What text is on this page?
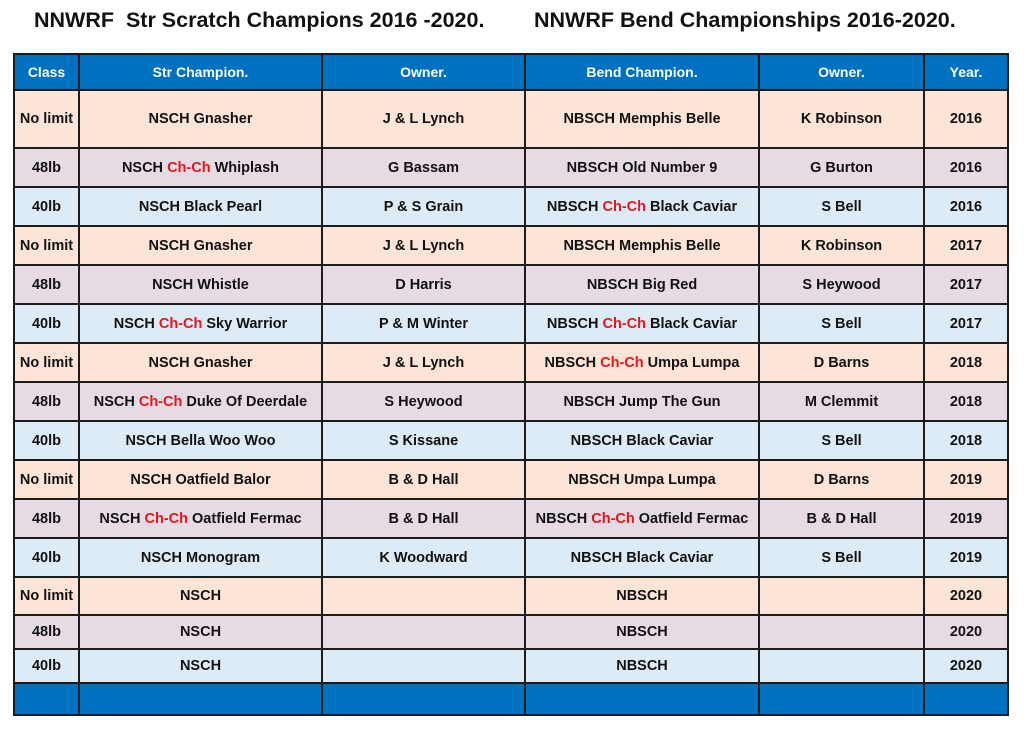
NNWRF  Str Scratch Champions 2016 -2020. NNWRF Bend Championships 2016-2020.
Class	Str Champion.	Owner.	Bend Champion.	Owner.	Year.
No limit	NSCH Gnasher	J & L Lynch	NBSCH Memphis Belle	K Robinson	2016
48lb	NSCH Ch-Ch Whiplash	G Bassam	NBSCH Old Number 9	G Burton	2016
40lb	NSCH Black Pearl	P & S Grain	NBSCH Ch-Ch Black Caviar	S Bell	2016
No limit	NSCH Gnasher	J & L Lynch	NBSCH Memphis Belle	K Robinson	2017
48lb	NSCH Whistle	D Harris	NBSCH Big Red	S Heywood	2017
40lb	NSCH Ch-Ch Sky Warrior	P & M Winter	NBSCH Ch-Ch Black Caviar	S Bell	2017
No limit	NSCH Gnasher	J & L Lynch	NBSCH Ch-Ch Umpa Lumpa	D Barns	2018
48lb	NSCH Ch-Ch Duke Of Deerdale	S Heywood	NBSCH Jump The Gun	M Clemmit	2018
40lb	NSCH Bella Woo Woo	S Kissane	NBSCH Black Caviar	S Bell	2018
No limit	NSCH Oatfield Balor	B & D Hall	NBSCH Umpa Lumpa	D Barns	2019
48lb	NSCH Ch-Ch Oatfield Fermac	B & D Hall	NBSCH Ch-Ch Oatfield Fermac	B & D Hall	2019
40lb	NSCH Monogram	K Woodward	NBSCH Black Caviar	S Bell	2019
No limit	NSCH		NBSCH		2020
48lb	NSCH		NBSCH		2020
40lb	NSCH		NBSCH		2020
